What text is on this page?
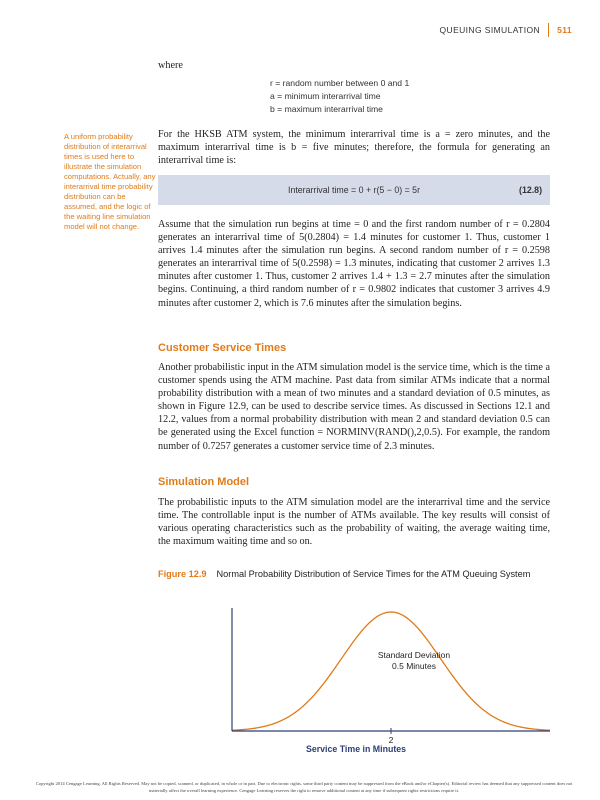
QUEUING SIMULATION 511
where
r = random number between 0 and 1
a = minimum interarrival time
b = maximum interarrival time
A uniform probability distribution of interarrival times is used here to illustrate the simulation computations. Actually, any interarrival time probability distribution can be assumed, and the logic of the waiting line simulation model will not change.
For the HKSB ATM system, the minimum interarrival time is a = zero minutes, and the maximum interarrival time is b = five minutes; therefore, the formula for generating an interarrival time is:
Interarrival time = 0 + r(5 − 0) = 5r	(12.8)
Assume that the simulation run begins at time = 0 and the first random number of r = 0.2804 generates an interarrival time of 5(0.2804) = 1.4 minutes for customer 1. Thus, customer 1 arrives 1.4 minutes after the simulation run begins. A second random number of r = 0.2598 generates an interarrival time of 5(0.2598) = 1.3 minutes, indicating that customer 2 arrives 1.3 minutes after customer 1. Thus, customer 2 arrives 1.4 + 1.3 = 2.7 minutes after the simulation begins. Continuing, a third random number of r = 0.9802 indicates that customer 3 arrives 4.9 minutes after customer 2, which is 7.6 minutes after the simulation begins.
Customer Service Times
Another probabilistic input in the ATM simulation model is the service time, which is the time a customer spends using the ATM machine. Past data from similar ATMs indicate that a normal probability distribution with a mean of two minutes and a standard deviation of 0.5 minutes, as shown in Figure 12.9, can be used to describe service times. As discussed in Sections 12.1 and 12.2, values from a normal probability distribution with mean 2 and standard deviation 0.5 can be generated using the Excel function = NORMINV(RAND(),2,0.5). For example, the random number of 0.7257 generates a customer service time of 2.3 minutes.
Simulation Model
The probabilistic inputs to the ATM simulation model are the interarrival time and the service time. The controllable input is the number of ATMs available. The key results will consist of various operating characteristics such as the probability of waiting, the average waiting time, the maximum waiting time and so on.
Figure 12.9 Normal Probability Distribution of Service Times for the ATM Queuing System
2
Service Time in Minutes
Standard Deviation
0.5 Minutes
Copyright 2014 Cengage Learning. All Rights Reserved. May not be copied, scanned, or duplicated, in whole or in part. Due to electronic rights, some third party content may be suppressed from the eBook and/or eChapter(s). Editorial review has deemed that any suppressed content does not materially affect the overall learning experience. Cengage Learning reserves the right to remove additional content at any time if subsequent rights restrictions require it.
